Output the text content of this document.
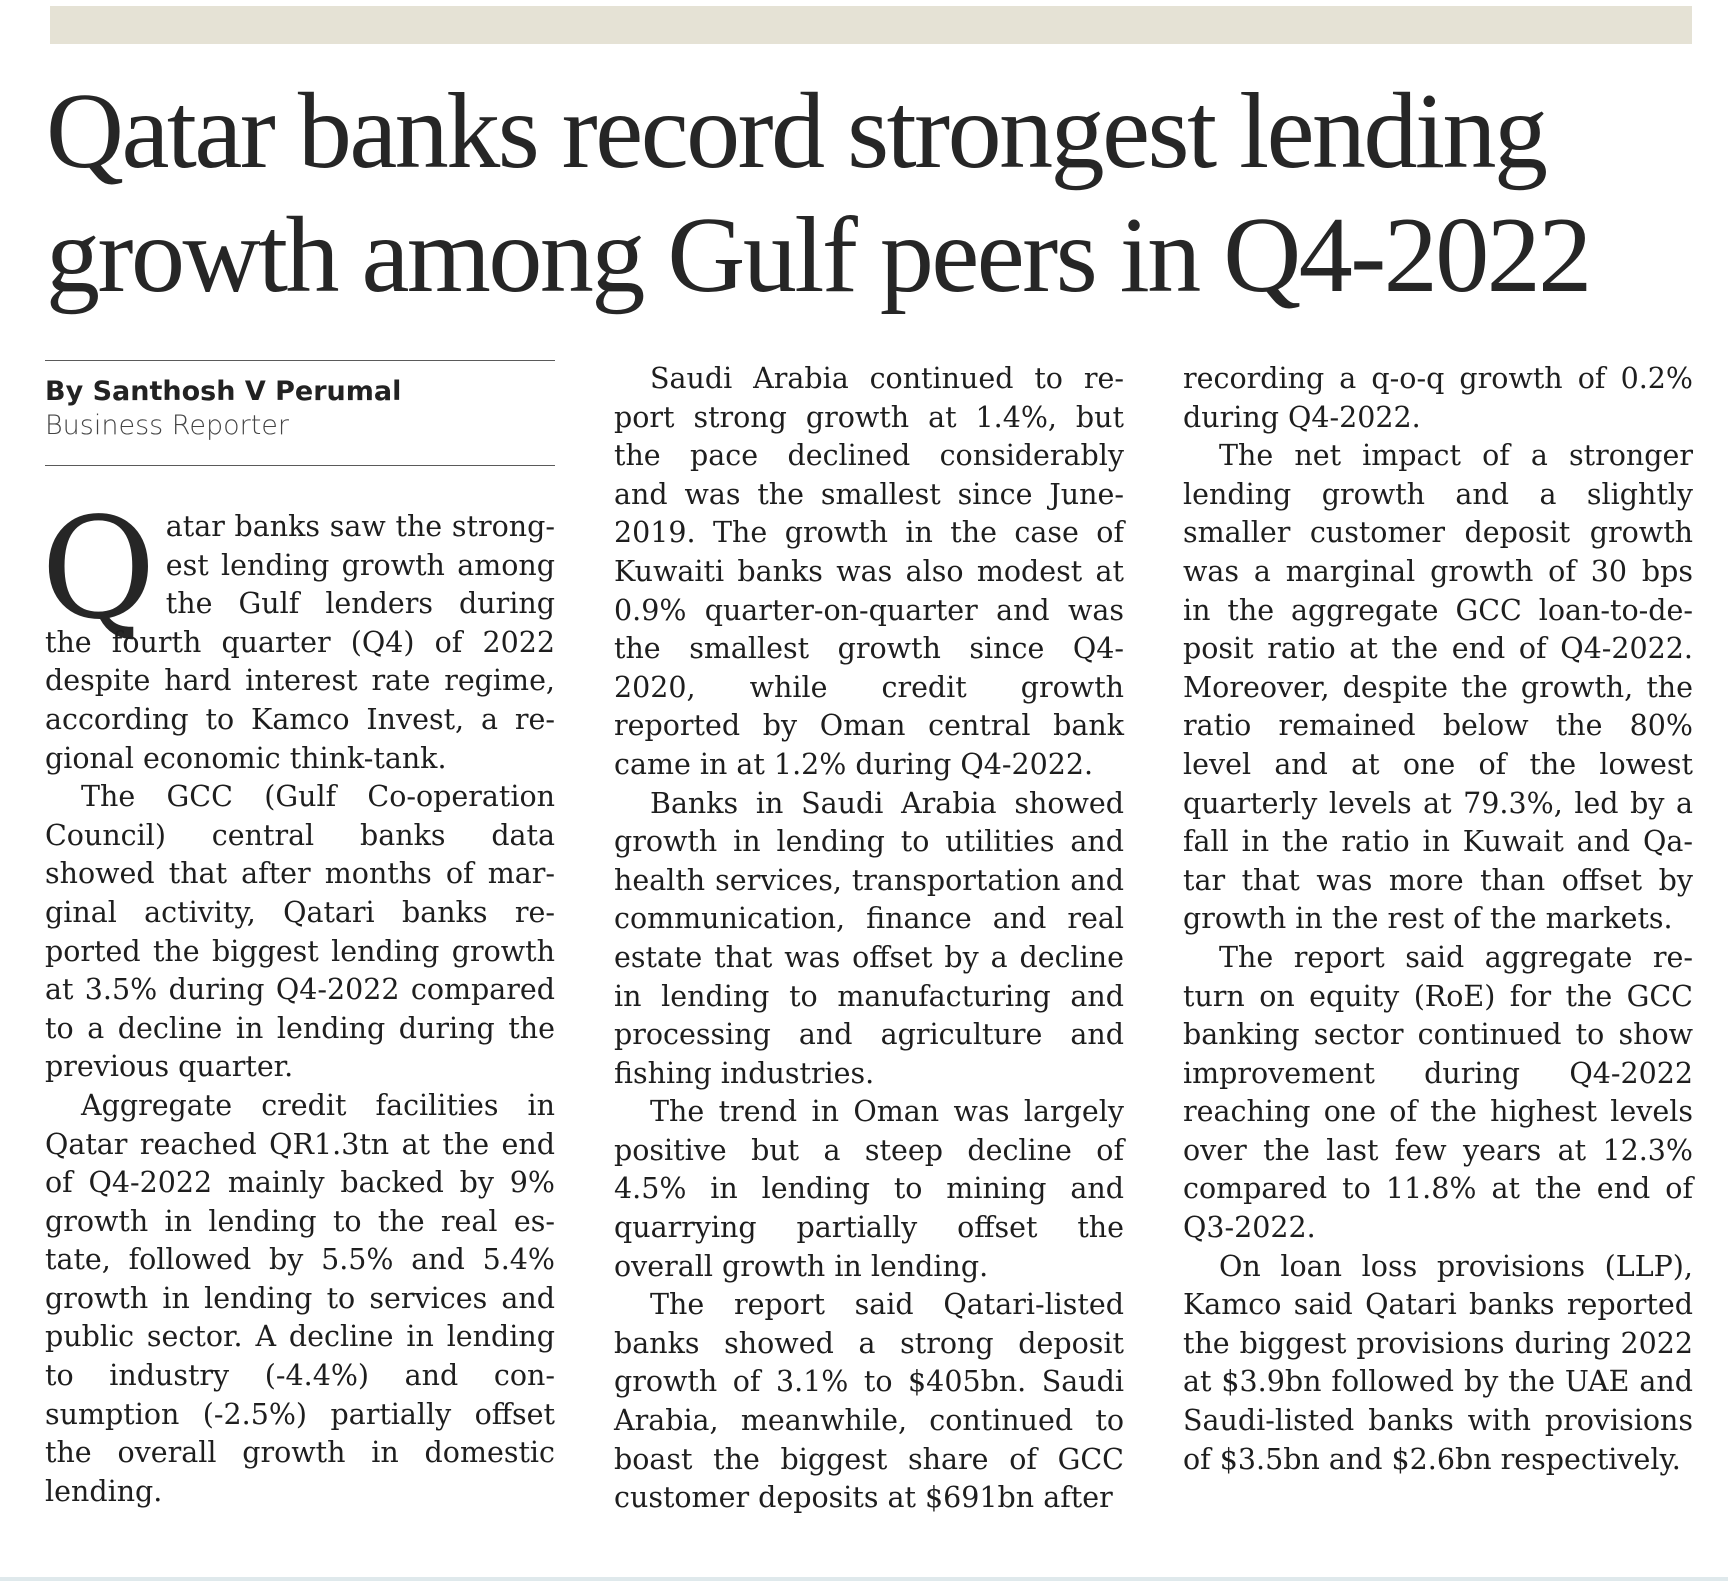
Qatar banks record strongest lending
growth among Gulf peers in Q4-2022
By Santhosh V Perumal
Business Reporter

Qatar banks saw the strongest lending growth among the Gulf lenders during the fourth quarter (Q4) of 2022 despite hard interest rate regime, according to Kamco Invest, a regional economic think-tank.

The GCC (Gulf Co-operation Council) central banks data showed that after months of marginal activity, Qatari banks reported the biggest lending growth at 3.5% during Q4-2022 compared to a decline in lending during the previous quarter.

Aggregate credit facilities in Qatar reached QR1.3tn at the end of Q4-2022 mainly backed by 9% growth in lending to the real estate, followed by 5.5% and 5.4% growth in lending to services and public sector. A decline in lending to industry (-4.4%) and consumption (-2.5%) partially offset the overall growth in domestic lending.

Saudi Arabia continued to report strong growth at 1.4%, but the pace declined considerably and was the smallest since June-2019. The growth in the case of Kuwaiti banks was also modest at 0.9% quarter-on-quarter and was the smallest growth since Q4-2020, while credit growth reported by Oman central bank came in at 1.2% during Q4-2022.

Banks in Saudi Arabia showed growth in lending to utilities and health services, transportation and communication, finance and real estate that was offset by a decline in lending to manufacturing and processing and agriculture and fishing industries.

The trend in Oman was largely positive but a steep decline of 4.5% in lending to mining and quarrying partially offset the overall growth in lending.

The report said Qatari-listed banks showed a strong deposit growth of 3.1% to $405bn. Saudi Arabia, meanwhile, continued to boast the biggest share of GCC customer deposits at $691bn after

recording a q-o-q growth of 0.2% during Q4-2022.

The net impact of a stronger lending growth and a slightly smaller customer deposit growth was a marginal growth of 30 bps in the aggregate GCC loan-to-deposit ratio at the end of Q4-2022. Moreover, despite the growth, the ratio remained below the 80% level and at one of the lowest quarterly levels at 79.3%, led by a fall in the ratio in Kuwait and Qatar that was more than offset by growth in the rest of the markets.

The report said aggregate return on equity (RoE) for the GCC banking sector continued to show improvement during Q4-2022 reaching one of the highest levels over the last few years at 12.3% compared to 11.8% at the end of Q3-2022.

On loan loss provisions (LLP), Kamco said Qatari banks reported the biggest provisions during 2022 at $3.9bn followed by the UAE and Saudi-listed banks with provisions of $3.5bn and $2.6bn respectively.
